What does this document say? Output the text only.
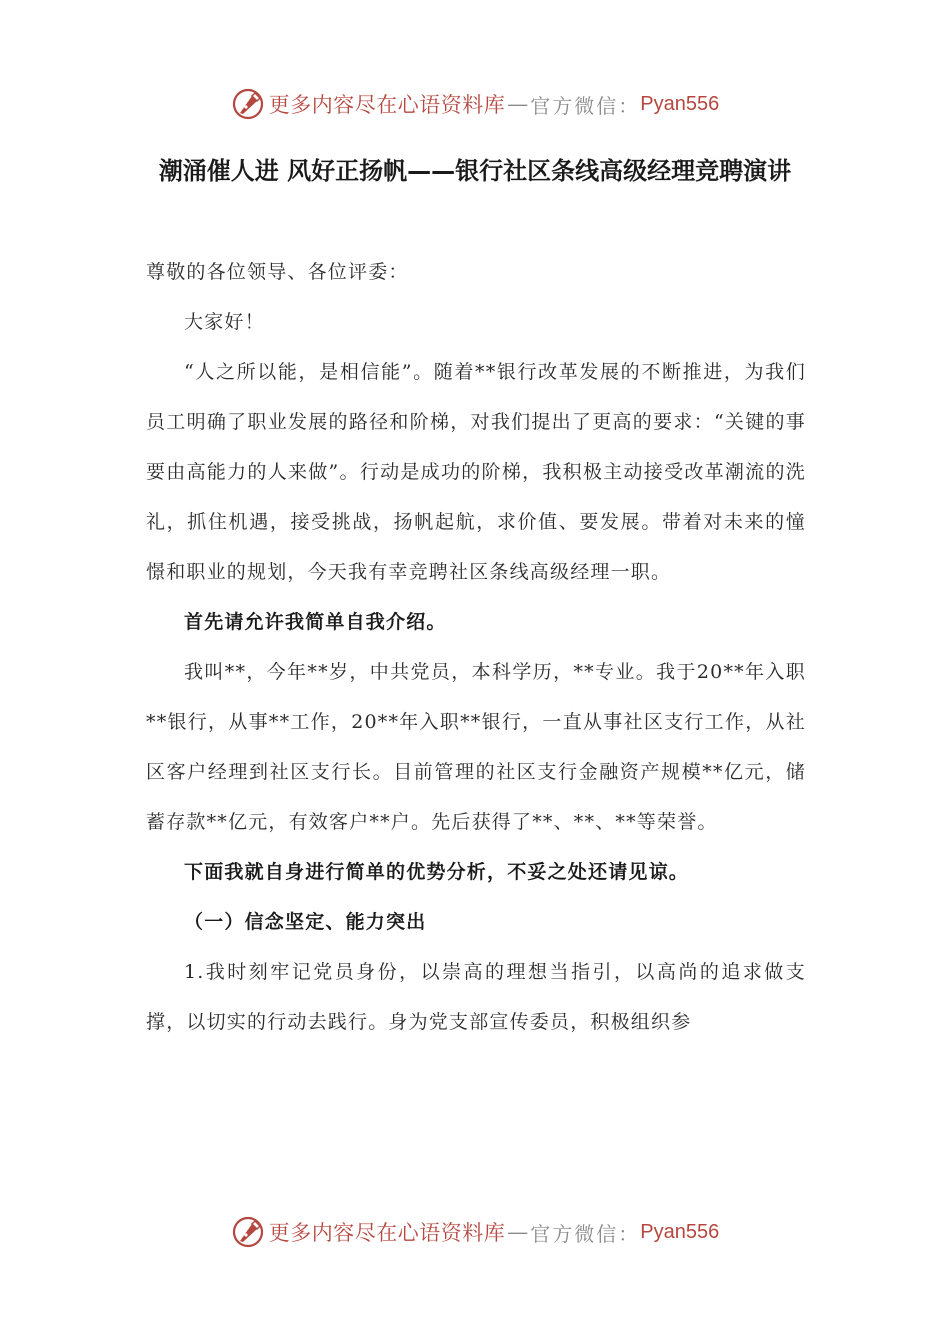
更多内容尽在心语资料库 — 官方微信： Pyan556
潮涌催人进 风好正扬帆——银行社区条线高级经理竞聘演讲

尊敬的各位领导、各位评委：

大家好！

“人之所以能，是相信能”。随着**银行改革发展的不断推进，为我们员工明确了职业发展的路径和阶梯，对我们提出了更高的要求：“关键的事要由高能力的人来做”。行动是成功的阶梯，我积极主动接受改革潮流的洗礼，抓住机遇，接受挑战，扬帆起航，求价值、要发展。带着对未来的憧憬和职业的规划，今天我有幸竞聘社区条线高级经理一职。

首先请允许我简单自我介绍。

我叫**，今年**岁，中共党员，本科学历，**专业。我于20**年入职**银行，从事**工作，20**年入职**银行，一直从事社区支行工作，从社区客户经理到社区支行长。目前管理的社区支行金融资产规模**亿元，储蓄存款**亿元，有效客户**户。先后获得了**、**、**等荣誉。

下面我就自身进行简单的优势分析，不妥之处还请见谅。

（一）信念坚定、能力突出

1.我时刻牢记党员身份，以崇高的理想当指引，以高尚的追求做支撑，以切实的行动去践行。身为党支部宣传委员，积极组织参

更多内容尽在心语资料库 — 官方微信： Pyan556
